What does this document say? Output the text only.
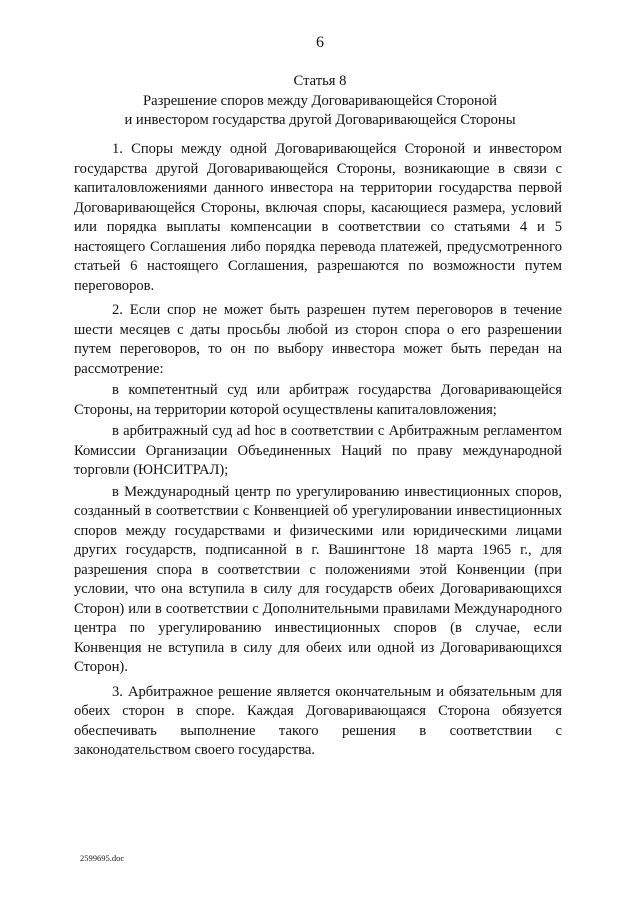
6
Статья 8
Разрешение споров между Договаривающейся Стороной
и инвестором государства другой Договаривающейся Стороны

1. Споры между одной Договаривающейся Стороной и инвестором государства другой Договаривающейся Стороны, возникающие в связи с капиталовложениями данного инвестора на территории государства первой Договаривающейся Стороны, включая споры, касающиеся размера, условий или порядка выплаты компенсации в соответствии со статьями 4 и 5 настоящего Соглашения либо порядка перевода платежей, предусмотренного статьей 6 настоящего Соглашения, разрешаются по возможности путем переговоров.

2. Если спор не может быть разрешен путем переговоров в течение шести месяцев с даты просьбы любой из сторон спора о его разрешении путем переговоров, то он по выбору инвестора может быть передан на рассмотрение:

в компетентный суд или арбитраж государства Договаривающейся Стороны, на территории которой осуществлены капиталовложения;

в арбитражный суд ad hoc в соответствии с Арбитражным регламентом Комиссии Организации Объединенных Наций по праву международной торговли (ЮНСИТРАЛ);

в Международный центр по урегулированию инвестиционных споров, созданный в соответствии с Конвенцией об урегулировании инвестиционных споров между государствами и физическими или юридическими лицами других государств, подписанной в г. Вашингтоне 18 марта 1965 г., для разрешения спора в соответствии с положениями этой Конвенции (при условии, что она вступила в силу для государств обеих Договаривающихся Сторон) или в соответствии с Дополнительными правилами Международного центра по урегулированию инвестиционных споров (в случае, если Конвенция не вступила в силу для обеих или одной из Договаривающихся Сторон).

3. Арбитражное решение является окончательным и обязательным для обеих сторон в споре. Каждая Договаривающаяся Сторона обязуется обеспечивать выполнение такого решения в соответствии с законодательством своего государства.

2599695.doc
